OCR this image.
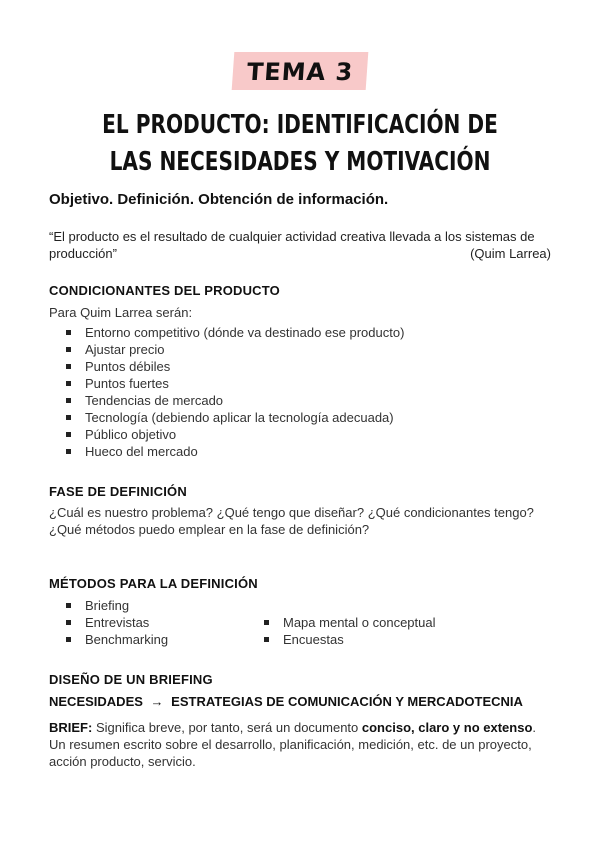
TEMA 3
EL PRODUCTO: IDENTIFICACIÓN DE
LAS NECESIDADES Y MOTIVACIÓN
Objetivo. Definición. Obtención de información.
“El producto es el resultado de cualquier actividad creativa llevada a los sistemas de producción”	(Quim Larrea)
CONDICIONANTES DEL PRODUCTO
Para Quim Larrea serán:
Entorno competitivo (dónde va destinado ese producto)
Ajustar precio
Puntos débiles
Puntos fuertes
Tendencias de mercado
Tecnología (debiendo aplicar la tecnología adecuada)
Público objetivo
Hueco del mercado
FASE DE DEFINICIÓN
¿Cuál es nuestro problema? ¿Qué tengo que diseñar? ¿Qué condicionantes tengo?
¿Qué métodos puedo emplear en la fase de definición?
MÉTODOS PARA LA DEFINICIÓN
Briefing
Entrevistas
Benchmarking
Mapa mental o conceptual
Encuestas
DISEÑO DE UN BRIEFING
NECESIDADES → ESTRATEGIAS DE COMUNICACIÓN Y MERCADOTECNIA
BRIEF: Significa breve, por tanto, será un documento conciso, claro y no extenso. Un resumen escrito sobre el desarrollo, planificación, medición, etc. de un proyecto, acción producto, servicio.
